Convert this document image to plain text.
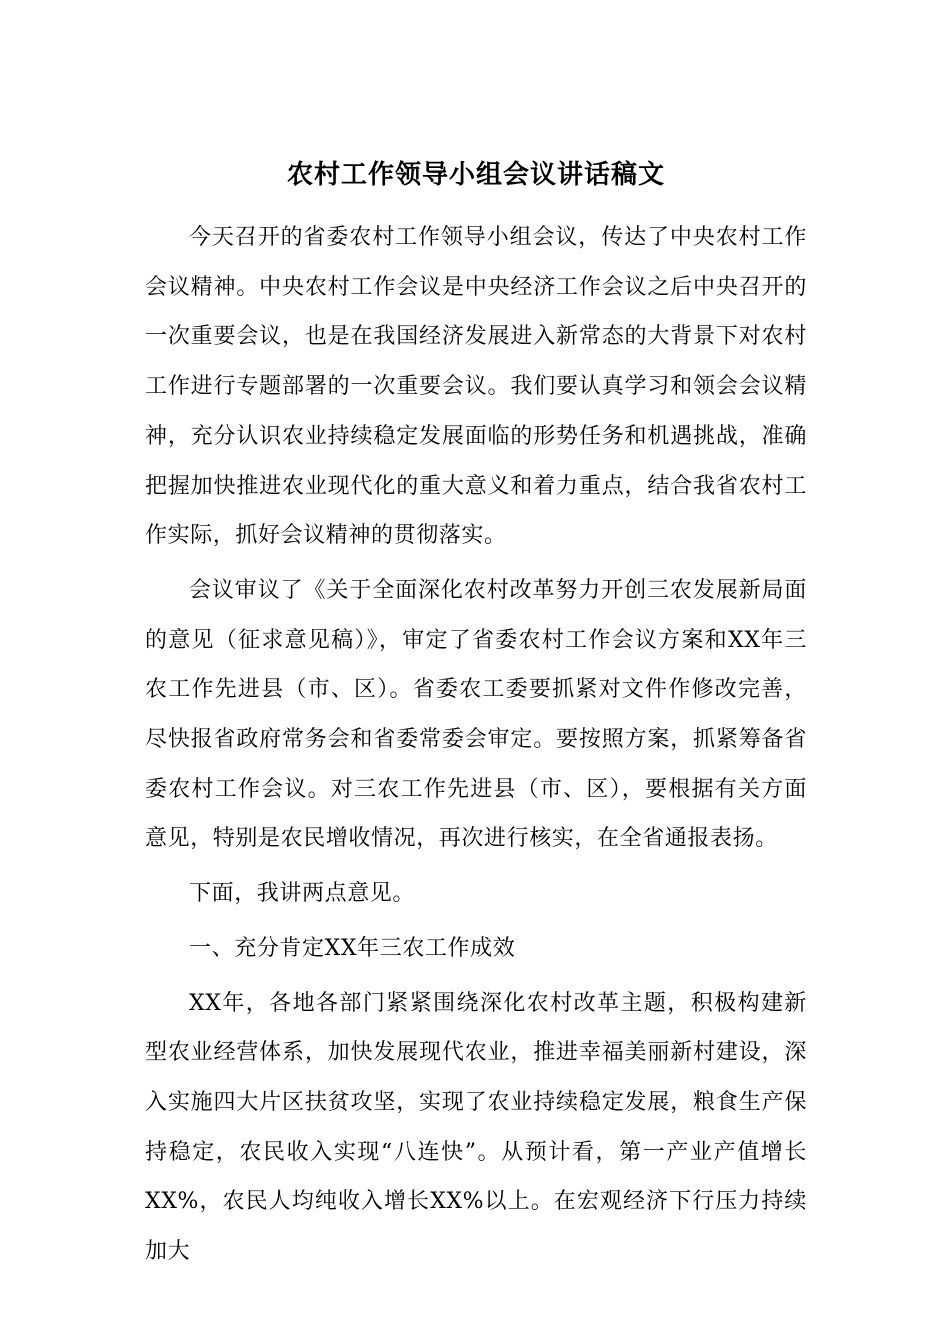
农村工作领导小组会议讲话稿文

今天召开的省委农村工作领导小组会议，传达了中央农村工作会议精神。中央农村工作会议是中央经济工作会议之后中央召开的一次重要会议，也是在我国经济发展进入新常态的大背景下对农村工作进行专题部署的一次重要会议。我们要认真学习和领会会议精神，充分认识农业持续稳定发展面临的形势任务和机遇挑战，准确把握加快推进农业现代化的重大意义和着力重点，结合我省农村工作实际，抓好会议精神的贯彻落实。

会议审议了《关于全面深化农村改革努力开创三农发展新局面的意见（征求意见稿）》，审定了省委农村工作会议方案和XX年三农工作先进县（市、区）。省委农工委要抓紧对文件作修改完善，尽快报省政府常务会和省委常委会审定。要按照方案，抓紧筹备省委农村工作会议。对三农工作先进县（市、区），要根据有关方面意见，特别是农民增收情况，再次进行核实，在全省通报表扬。

下面，我讲两点意见。

一、充分肯定XX年三农工作成效

XX年，各地各部门紧紧围绕深化农村改革主题，积极构建新型农业经营体系，加快发展现代农业，推进幸福美丽新村建设，深入实施四大片区扶贫攻坚，实现了农业持续稳定发展，粮食生产保持稳定，农民收入实现“八连快”。从预计看，第一产业产值增长XX%，农民人均纯收入增长XX%以上。在宏观经济下行压力持续加大
